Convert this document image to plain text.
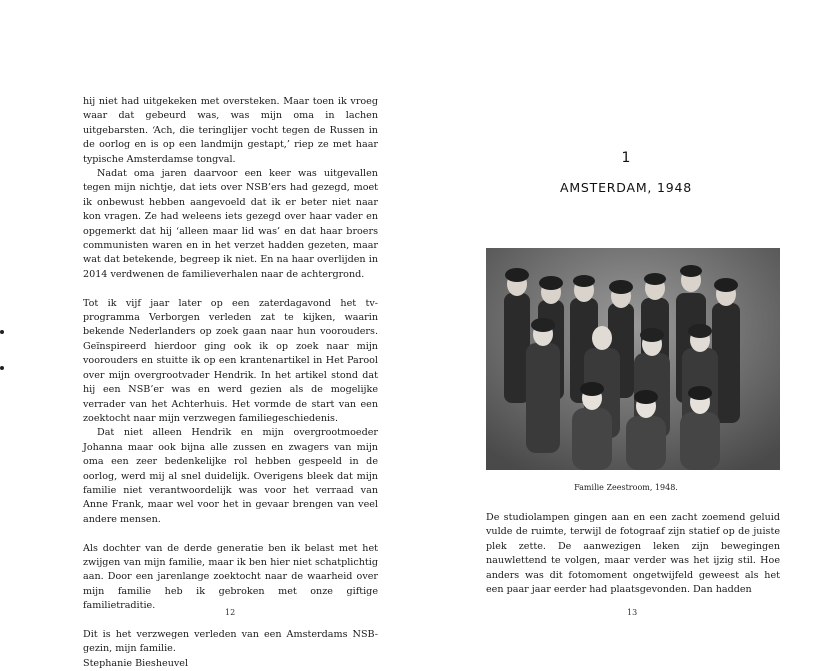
hij niet had uitgekeken met oversteken. Maar toen ik vroeg waar dat gebeurd was, was mijn oma in lachen uitgebarsten. ‘Ach, die teringlijer vocht tegen de Russen in de oorlog en is op een landmijn gestapt,’ riep ze met haar typische Amsterdamse tongval.

Nadat oma jaren daarvoor een keer was uitgevallen tegen mijn nichtje, dat iets over NSB’ers had gezegd, moet ik onbewust hebben aangevoeld dat ik er beter niet naar kon vragen. Ze had weleens iets gezegd over haar vader en opgemerkt dat hij ‘alleen maar lid was’ en dat haar broers communisten waren en in het verzet hadden gezeten, maar wat dat betekende, begreep ik niet. En na haar overlijden in 2014 verdwenen de familieverhalen naar de achtergrond.

Tot ik vijf jaar later op een zaterdagavond het tv-programma Verborgen verleden zat te kijken, waarin bekende Nederlanders op zoek gaan naar hun voorouders. Geïnspireerd hierdoor ging ook ik op zoek naar mijn voorouders en stuitte ik op een krantenartikel in Het Parool over mijn overgrootvader Hendrik. In het artikel stond dat hij een NSB’er was en werd gezien als de mogelijke verrader van het Achterhuis. Het vormde de start van een zoektocht naar mijn verzwegen familiegeschiedenis.

Dat niet alleen Hendrik en mijn overgrootmoeder Johanna maar ook bijna alle zussen en zwagers van mijn oma een zeer bedenkelijke rol hebben gespeeld in de oorlog, werd mij al snel duidelijk. Overigens bleek dat mijn familie niet verantwoordelijk was voor het verraad van Anne Frank, maar wel voor het in gevaar brengen van veel andere mensen.

Als dochter van de derde generatie ben ik belast met het zwijgen van mijn familie, maar ik ben hier niet schatplichtig aan. Door een jarenlange zoektocht naar de waarheid over mijn familie heb ik gebroken met onze giftige familietraditie.

Dit is het verzwegen verleden van een Amsterdams NSB-gezin, mijn familie.

Stephanie Biesheuvel

12
1
AMSTERDAM, 1948
Familie Zeestroom, 1948.

De studiolampen gingen aan en een zacht zoemend geluid vulde de ruimte, terwijl de fotograaf zijn statief op de juiste plek zette. De aanwezigen leken zijn bewegingen nauwlettend te volgen, maar verder was het ijzig stil. Hoe anders was dit fotomoment ongetwijfeld geweest als het een paar jaar eerder had plaatsgevonden. Dan hadden

13
